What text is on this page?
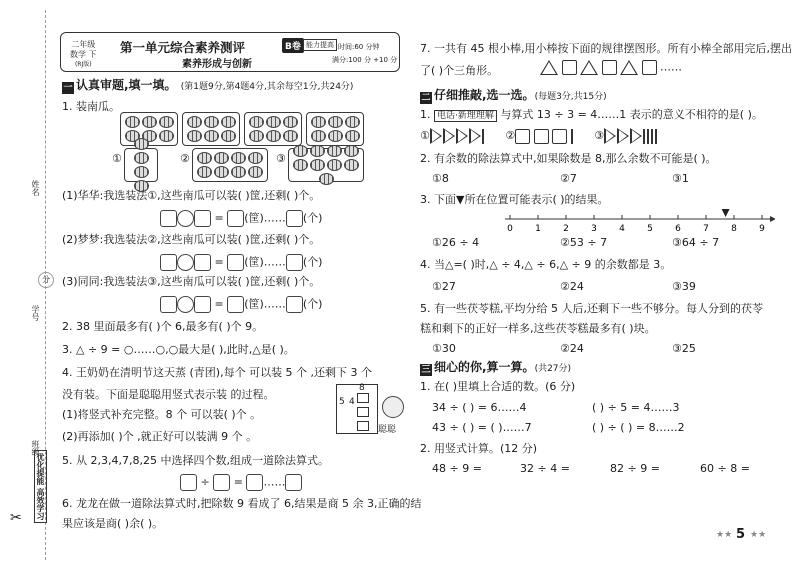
姓名
学号
班级
分
优化提能 高效学习
✂
二年级
数学 下
(RJ版)
第一单元综合素养测评	B卷 能力提高
素养形成与创新
时间:60 分钟
满分:100 分 +10 分
一 认真审题,填一填。 (第1题9分,第4题4分,其余每空1分,共24分)
1. 装南瓜。
①	②	③
(1)华华:我选装法①,这些南瓜可以装( )筐,还剩( )个。
= (筐)…… (个)
(2)梦梦:我选装法②,这些南瓜可以装( )筐,还剩( )个。
= (筐)…… (个)
(3)同同:我选装法③,这些南瓜可以装( )筐,还剩( )个。
= (筐)…… (个)
2. 38 里面最多有( )个 6,最多有( )个 9。
3. △ ÷ 9 = ○……○,○最大是( ),此时,△是( )。
4. 王奶奶在清明节这天蒸 (青团),每个 可以装 5 个 ,还剩下 3 个
没有装。下面是聪聪用竖式表示装 的过程。
(1)将竖式补充完整。8 个 可以装( )个 。
(2)再添加( )个 ,就正好可以装满 9 个 。
8
5 4
聪聪
5. 从 2,3,4,7,8,25 中选择四个数,组成一道除法算式。
÷ = ……
6. 龙龙在做一道除法算式时,把除数 9 看成了 6,结果是商 5 余 3,正确的结
果应该是商( )余( )。
7. 一共有 45 根小棒,用小棒按下面的规律摆图形。所有小棒全部用完后,摆出
了( )个三角形。	……
二 仔细推敲,选一选。(每题3分,共15分)
1. 电话·新理理解 与算式 13 ÷ 3 = 4……1 表示的意义不相符的是( )。
①	②	③
2. 有余数的除法算式中,如果除数是 8,那么余数不可能是( )。
①8	②7	③1
3. 下面▼所在位置可能表示( )的结果。
0 1 2 3 4 5 6 7 8 9
①26 ÷ 4	②53 ÷ 7	③64 ÷ 7
4. 当△=( )时,△ ÷ 4,△ ÷ 6,△ ÷ 9 的余数都是 3。
①27	②24	③39
5. 有一些茯苓糕,平均分给 5 人后,还剩下一些不够分。每人分到的茯苓
糕和剩下的正好一样多,这些茯苓糕最多有( )块。
①30	②24	③25
三 细心的你,算一算。(共27分)
1. 在( )里填上合适的数。(6 分)
34 ÷ ( ) = 6……4	( ) ÷ 5 = 4……3
43 ÷ ( ) = ( )……7	( ) ÷ ( ) = 8……2
2. 用竖式计算。(12 分)
48 ÷ 9 =	32 ÷ 4 =	82 ÷ 9 =	60 ÷ 8 =
★★ 5 ★★
